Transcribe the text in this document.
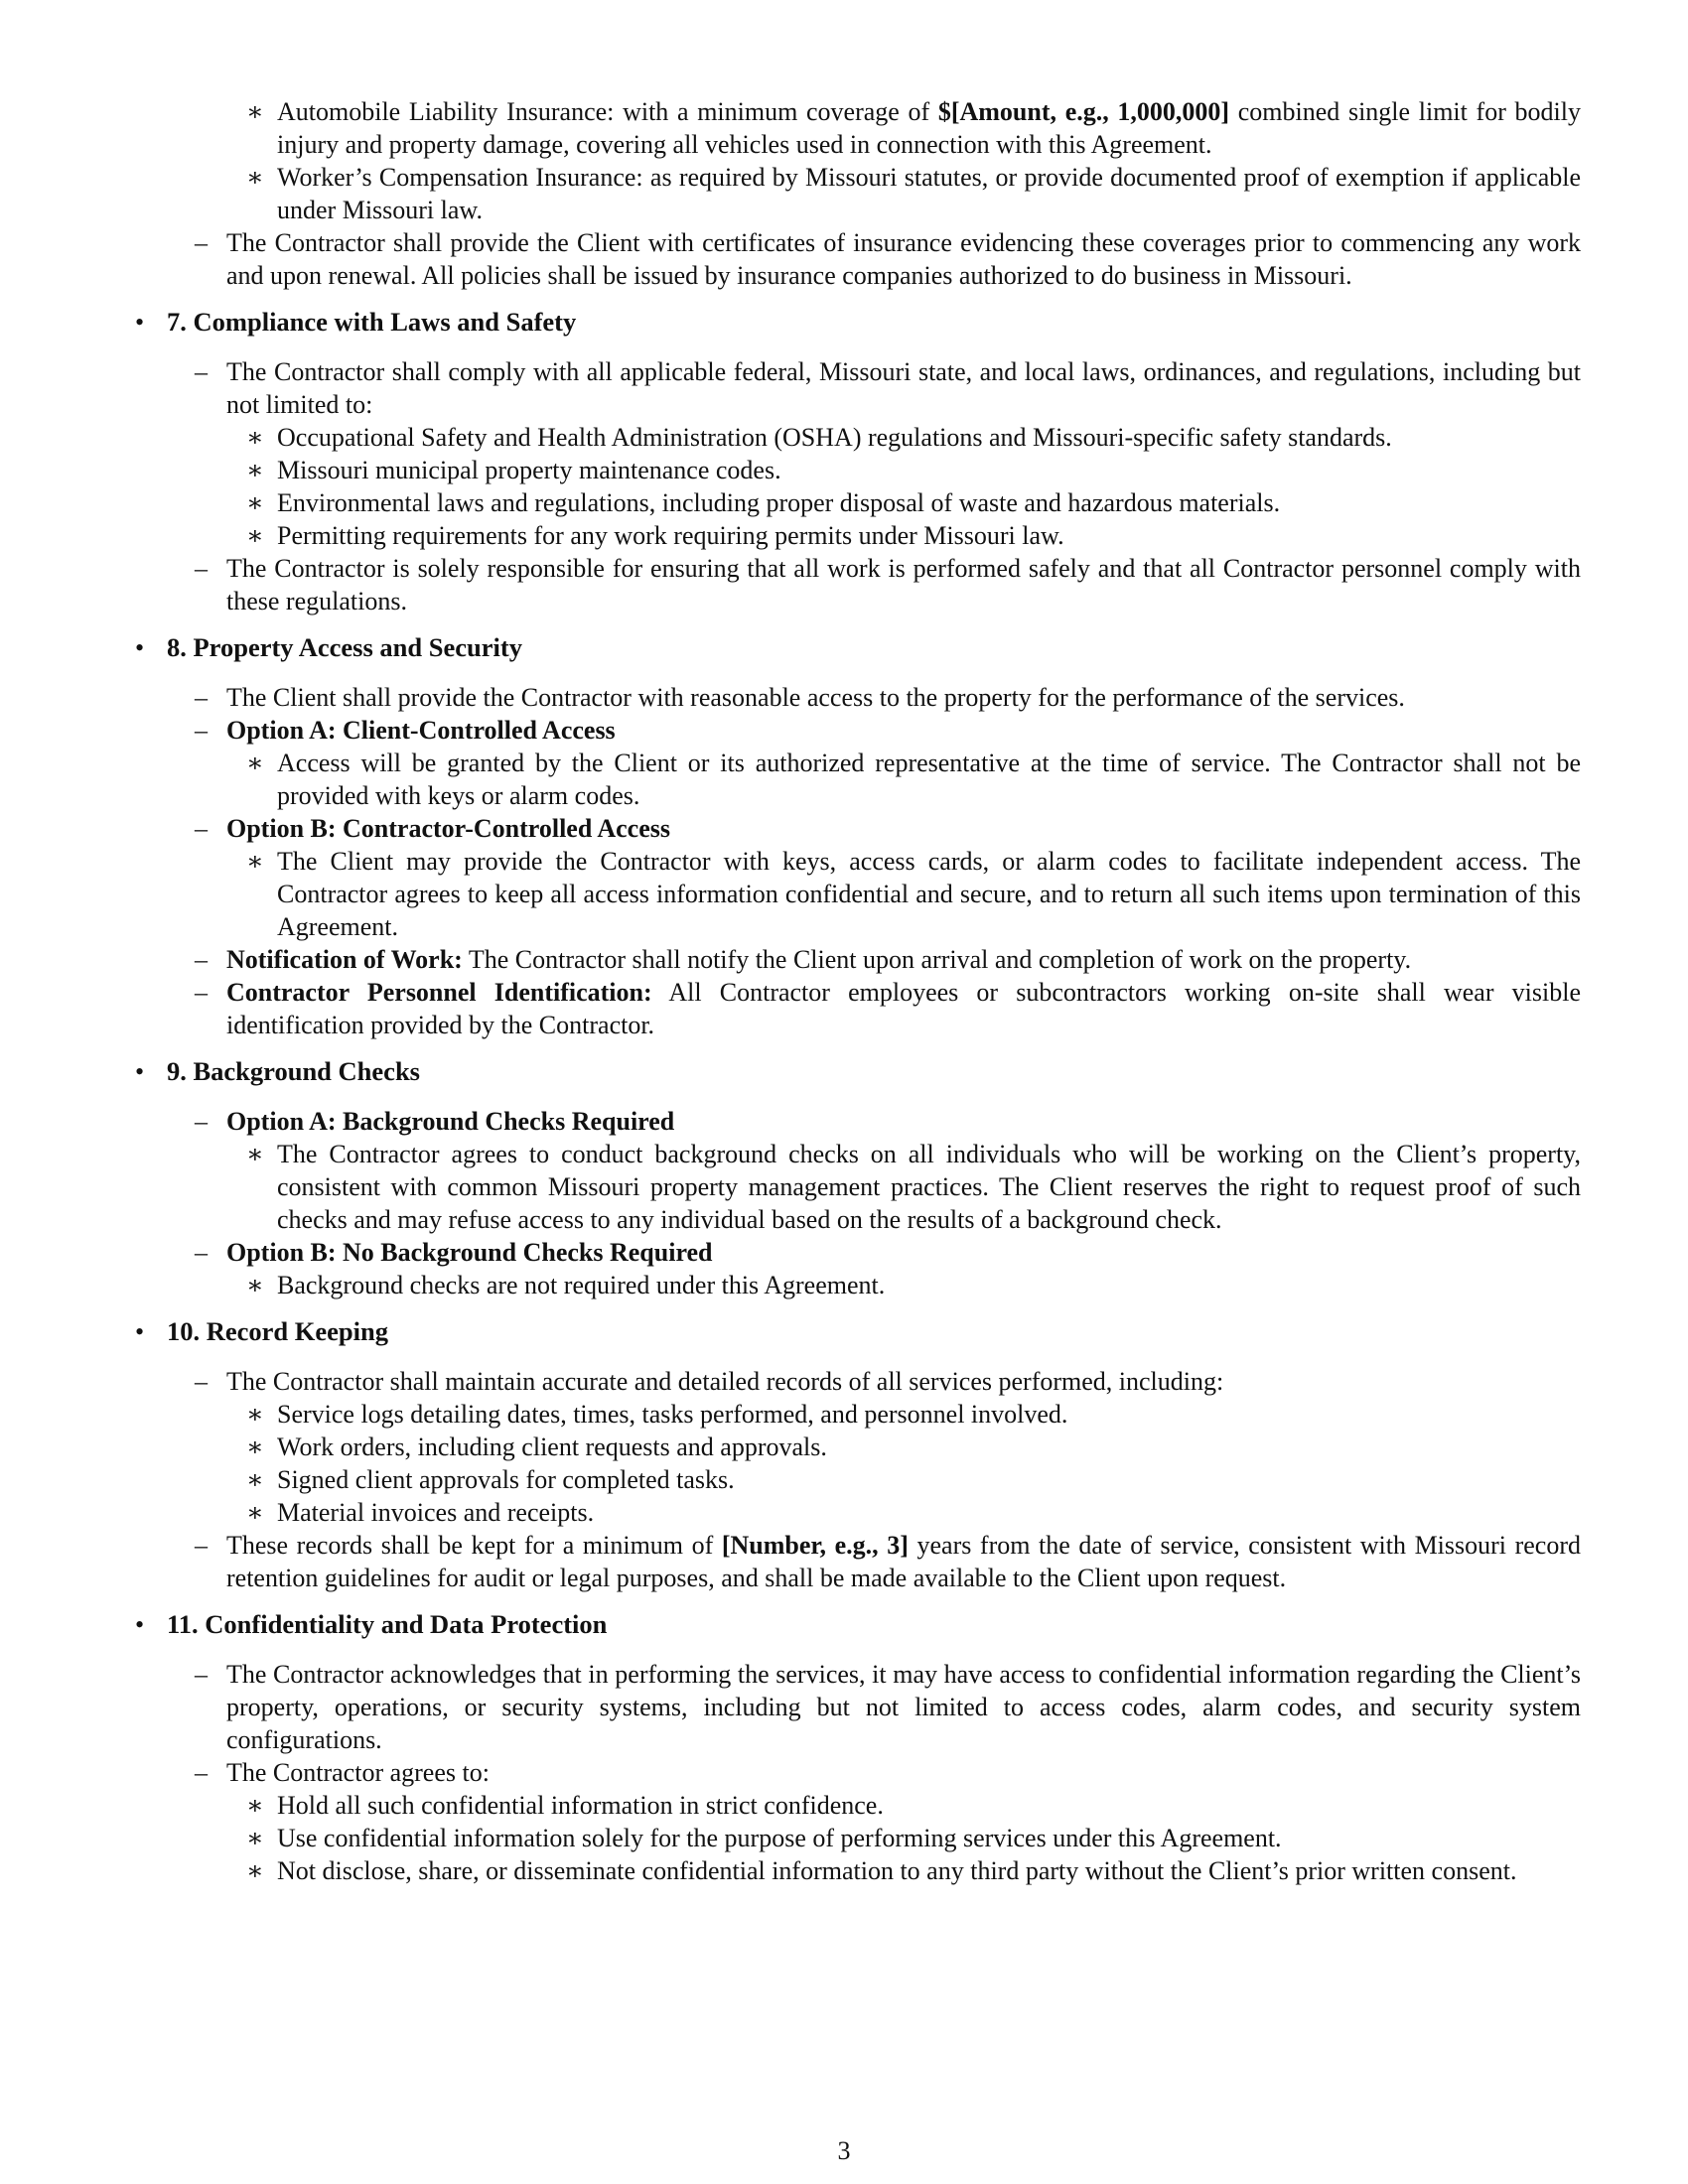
∗ Automobile Liability Insurance: with a minimum coverage of $[Amount, e.g., 1,000,000] combined single limit for bodily injury and property damage, covering all vehicles used in connection with this Agreement.
∗ Worker’s Compensation Insurance: as required by Missouri statutes, or provide documented proof of exemption if applicable under Missouri law.
– The Contractor shall provide the Client with certificates of insurance evidencing these coverages prior to commencing any work and upon renewal. All policies shall be issued by insurance companies authorized to do business in Missouri.
• 7. Compliance with Laws and Safety
– The Contractor shall comply with all applicable federal, Missouri state, and local laws, ordinances, and regulations, including but not limited to:
∗ Occupational Safety and Health Administration (OSHA) regulations and Missouri-specific safety standards.
∗ Missouri municipal property maintenance codes.
∗ Environmental laws and regulations, including proper disposal of waste and hazardous materials.
∗ Permitting requirements for any work requiring permits under Missouri law.
– The Contractor is solely responsible for ensuring that all work is performed safely and that all Contractor personnel comply with these regulations.
• 8. Property Access and Security
– The Client shall provide the Contractor with reasonable access to the property for the performance of the services.
– Option A: Client-Controlled Access
∗ Access will be granted by the Client or its authorized representative at the time of service. The Contractor shall not be provided with keys or alarm codes.
– Option B: Contractor-Controlled Access
∗ The Client may provide the Contractor with keys, access cards, or alarm codes to facilitate independent access. The Contractor agrees to keep all access information confidential and secure, and to return all such items upon termination of this Agreement.
– Notification of Work: The Contractor shall notify the Client upon arrival and completion of work on the property.
– Contractor Personnel Identification: All Contractor employees or subcontractors working on-site shall wear visible identification provided by the Contractor.
• 9. Background Checks
– Option A: Background Checks Required
∗ The Contractor agrees to conduct background checks on all individuals who will be working on the Client’s property, consistent with common Missouri property management practices. The Client reserves the right to request proof of such checks and may refuse access to any individual based on the results of a background check.
– Option B: No Background Checks Required
∗ Background checks are not required under this Agreement.
• 10. Record Keeping
– The Contractor shall maintain accurate and detailed records of all services performed, including:
∗ Service logs detailing dates, times, tasks performed, and personnel involved.
∗ Work orders, including client requests and approvals.
∗ Signed client approvals for completed tasks.
∗ Material invoices and receipts.
– These records shall be kept for a minimum of [Number, e.g., 3] years from the date of service, consistent with Missouri record retention guidelines for audit or legal purposes, and shall be made available to the Client upon request.
• 11. Confidentiality and Data Protection
– The Contractor acknowledges that in performing the services, it may have access to confidential information regarding the Client’s property, operations, or security systems, including but not limited to access codes, alarm codes, and security system configurations.
– The Contractor agrees to:
∗ Hold all such confidential information in strict confidence.
∗ Use confidential information solely for the purpose of performing services under this Agreement.
∗ Not disclose, share, or disseminate confidential information to any third party without the Client’s prior written consent.
3
